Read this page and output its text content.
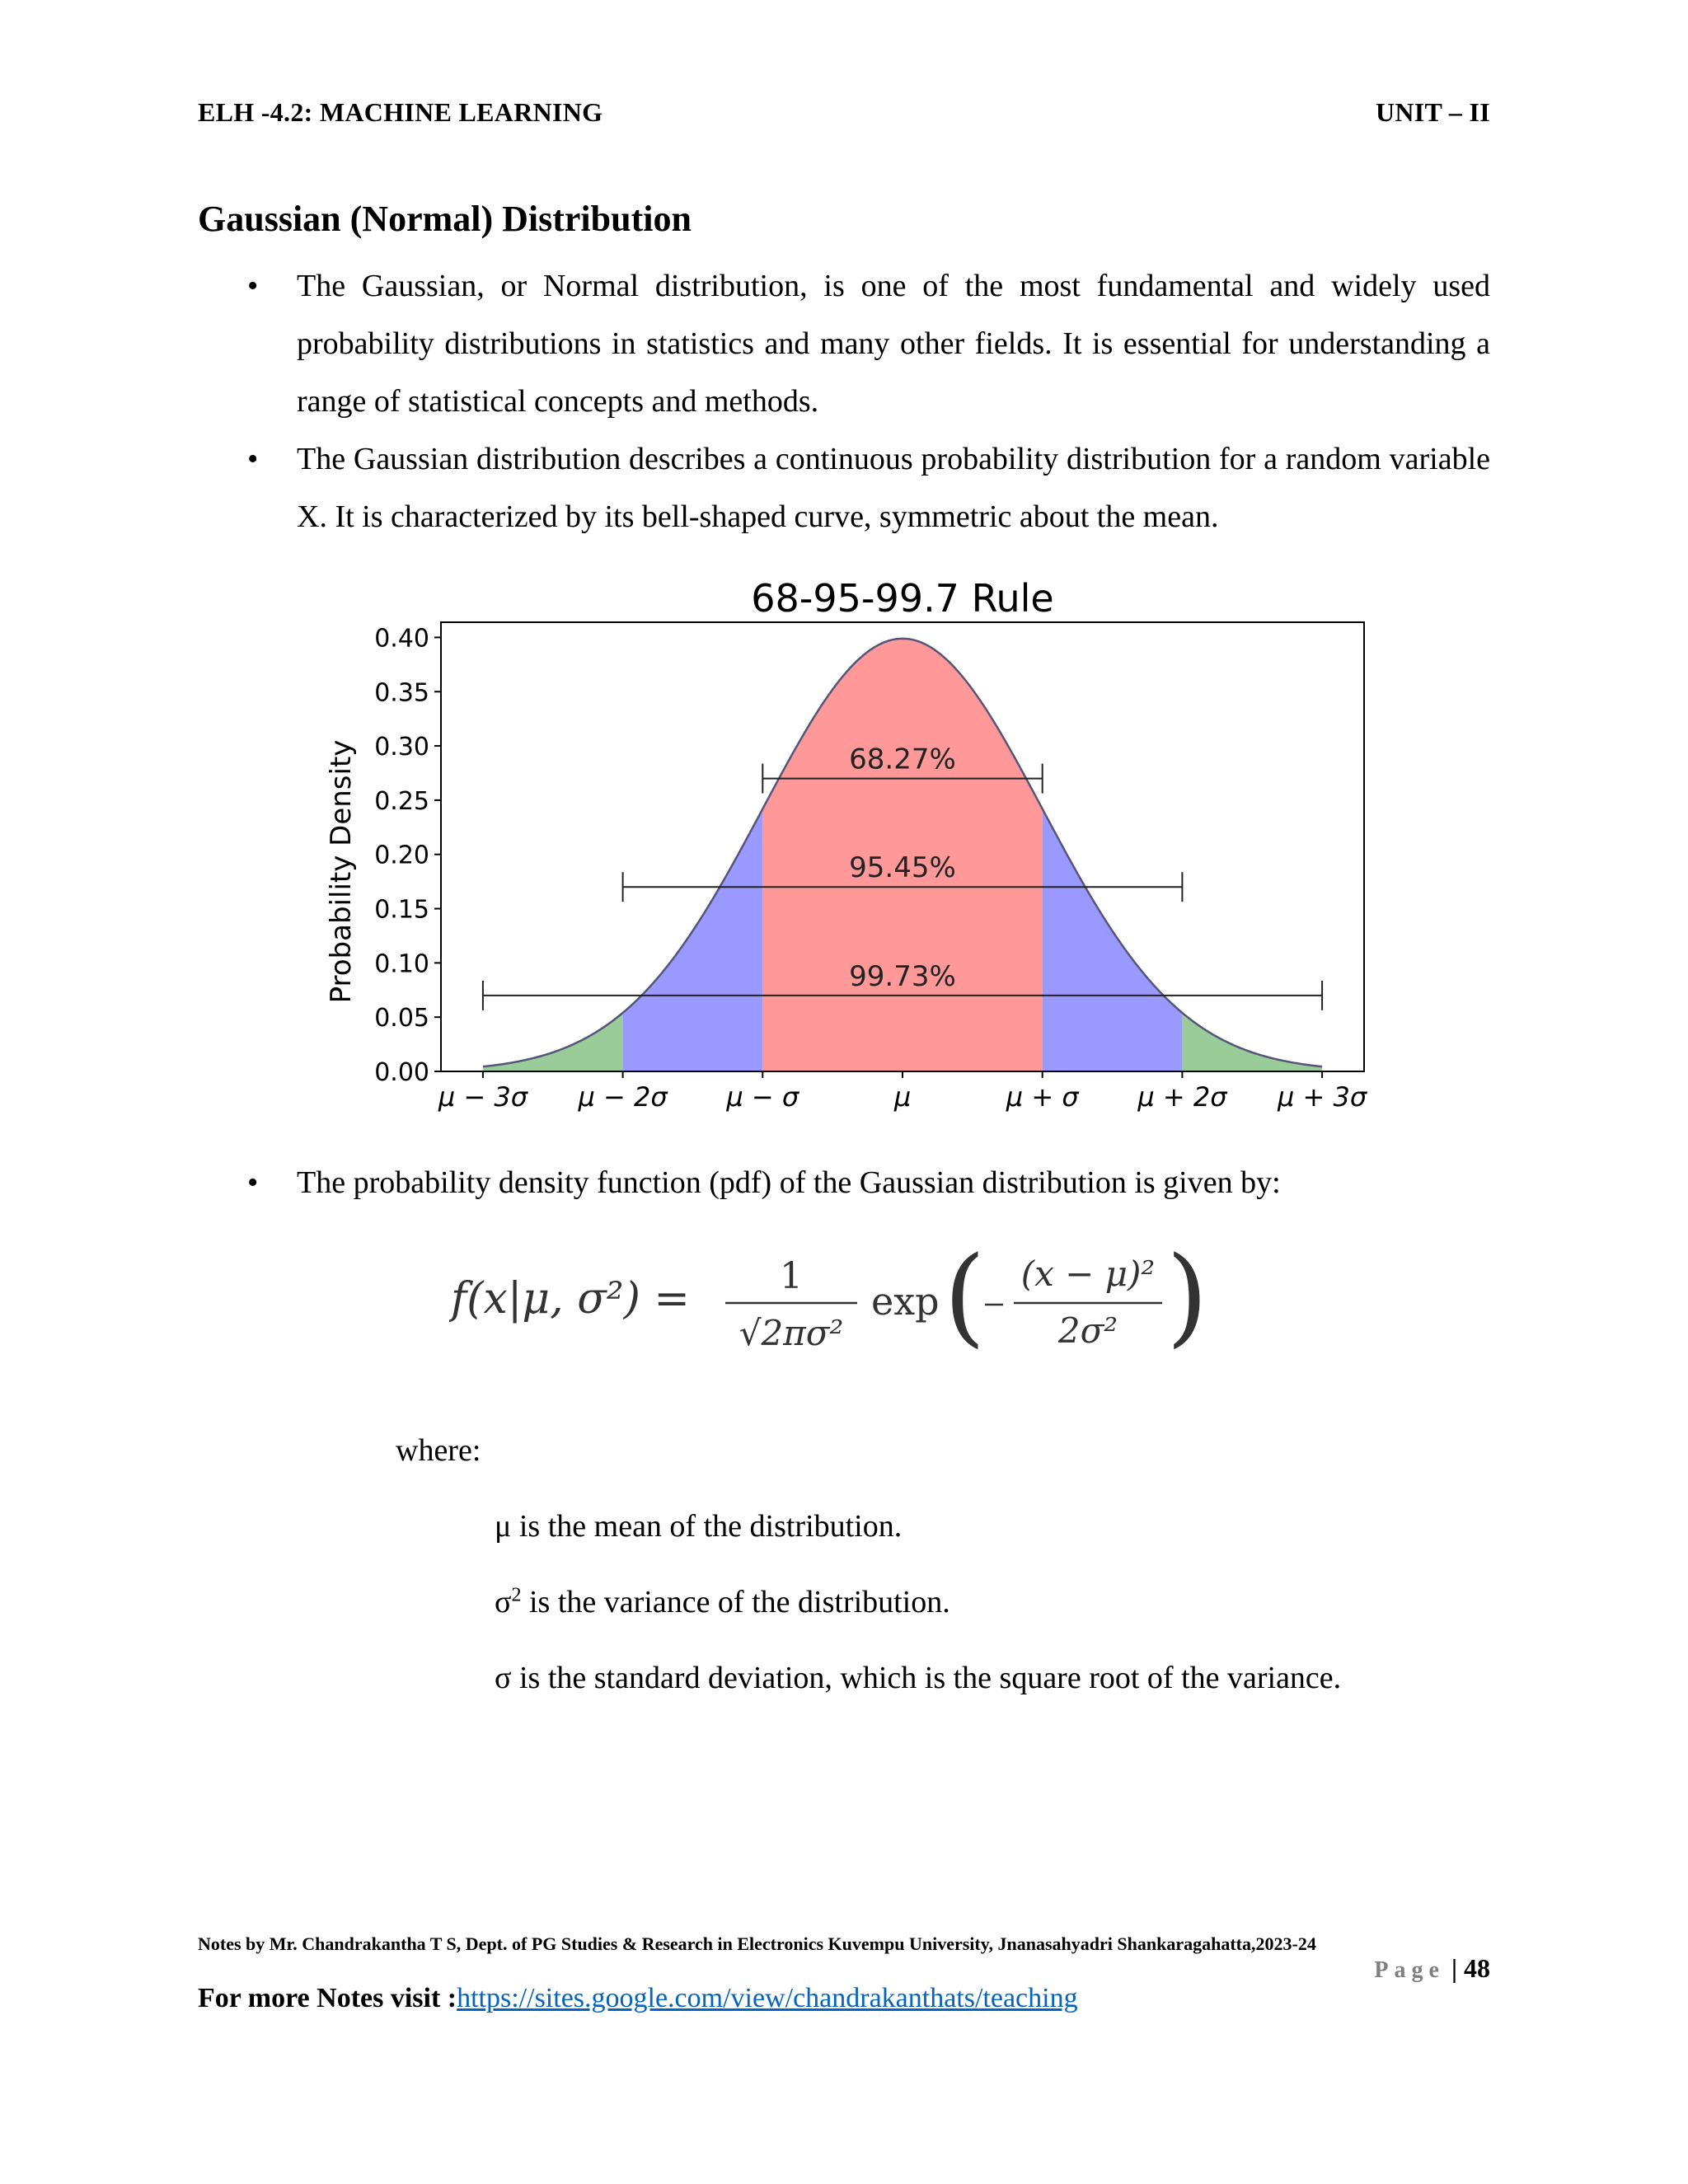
ELH -4.2: MACHINE LEARNING	UNIT – II
Gaussian (Normal) Distribution
• The Gaussian, or Normal distribution, is one of the most fundamental and widely used probability distributions in statistics and many other fields. It is essential for understanding a range of statistical concepts and methods.
• The Gaussian distribution describes a continuous probability distribution for a random variable X. It is characterized by its bell-shaped curve, symmetric about the mean.
68.27%
95.45%
99.73%
0.00
0.05
0.10
0.15
0.20
0.25
0.30
0.35
0.40
μ − 3σ μ − 2σ μ − σ	μ	μ + σ μ + 2σ μ + 3σ
68-95-99.7 Rule
Probability Density
• The probability density function (pdf) of the Gaussian distribution is given by:
f(x|μ, σ²) = 1
√2πσ²
exp ( (x − μ)²
2σ² )
where:
μ is the mean of the distribution.
$\sigma^2$ is the variance of the distribution.
σ is the standard deviation, which is the square root of the variance.
Notes by Mr. Chandrakantha T S, Dept. of PG Studies & Research in Electronics Kuvempu University, Jnanasahyadri Shankaragahatta,2023-24
Page | 48
For more Notes visit :https://sites.google.com/view/chandrakanthats/teaching
